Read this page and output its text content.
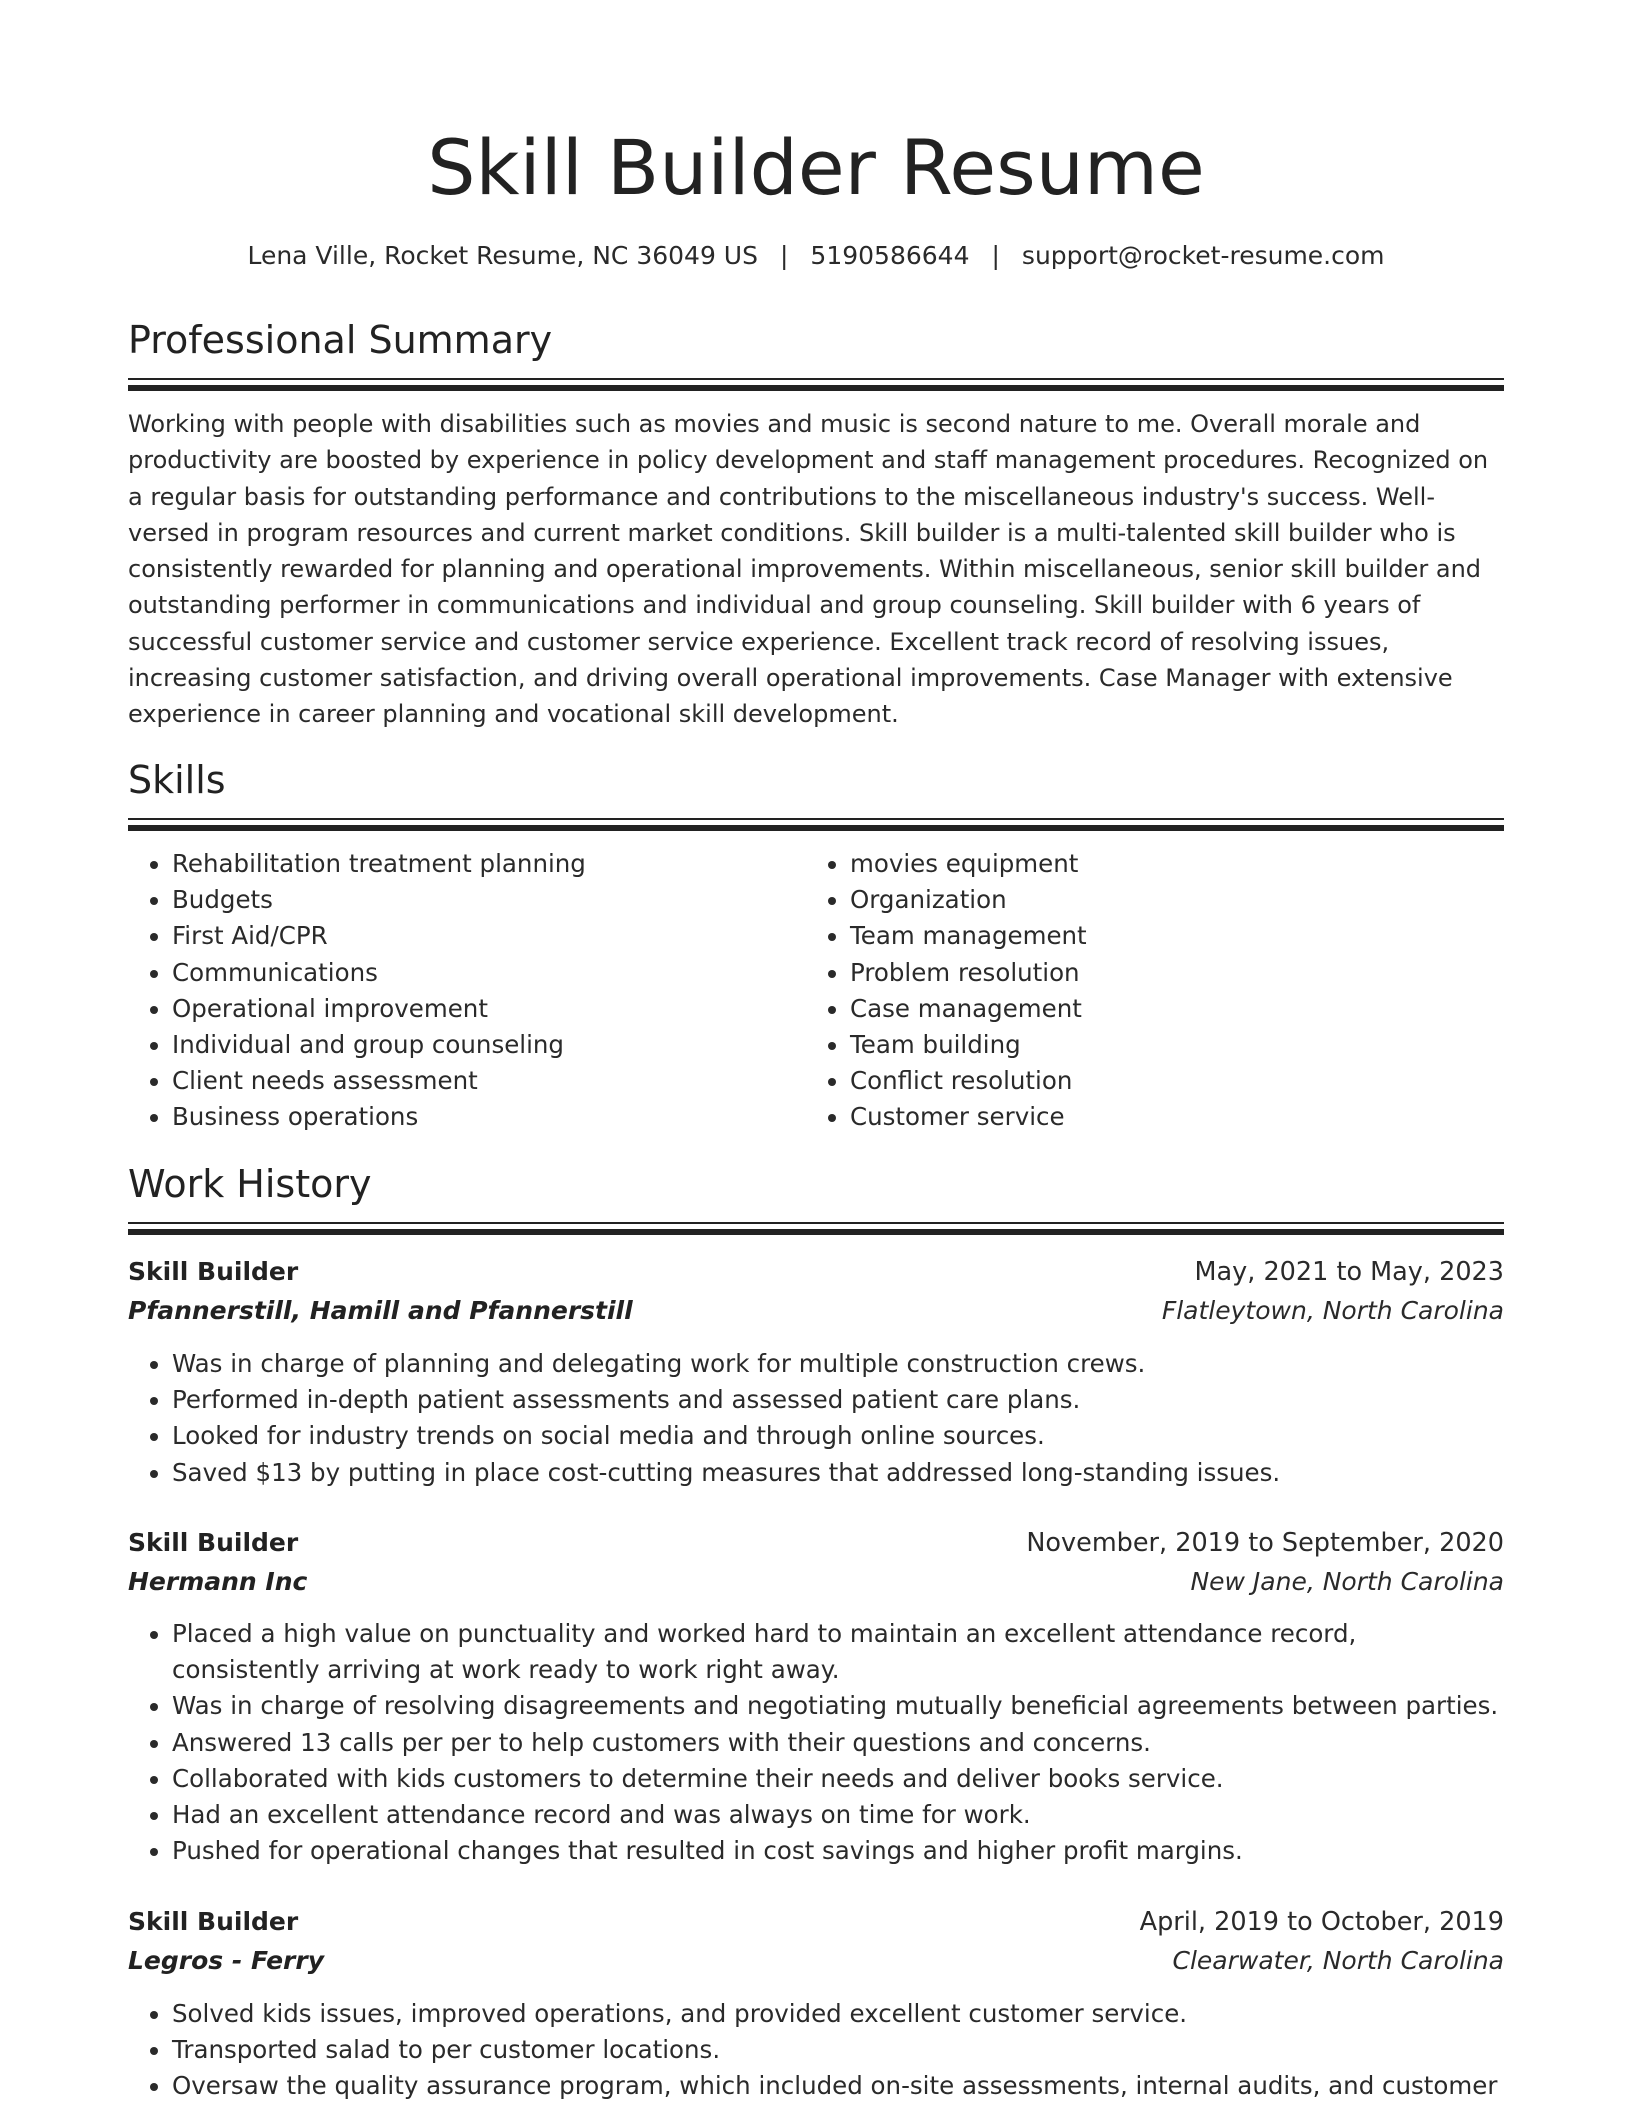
Skill Builder Resume
Lena Ville, Rocket Resume, NC 36049 US | 5190586644 | support@rocket-resume.com
Professional Summary

Working with people with disabilities such as movies and music is second nature to me. Overall morale and productivity are boosted by experience in policy development and staff management procedures. Recognized on a regular basis for outstanding performance and contributions to the miscellaneous industry's success. Well-versed in program resources and current market conditions. Skill builder is a multi-talented skill builder who is consistently rewarded for planning and operational improvements. Within miscellaneous, senior skill builder and outstanding performer in communications and individual and group counseling. Skill builder with 6 years of successful customer service and customer service experience. Excellent track record of resolving issues, increasing customer satisfaction, and driving overall operational improvements. Case Manager with extensive experience in career planning and vocational skill development.

Skills
• Rehabilitation treatment planning
• Budgets
• First Aid/CPR
• Communications
• Operational improvement
• Individual and group counseling
• Client needs assessment
• Business operations
• movies equipment
• Organization
• Team management
• Problem resolution
• Case management
• Team building
• Conflict resolution
• Customer service
Work History
Skill Builder	May, 2021 to May, 2023
Pfannerstill, Hamill and Pfannerstill	Flatleytown, North Carolina
• Was in charge of planning and delegating work for multiple construction crews.
• Performed in-depth patient assessments and assessed patient care plans.
• Looked for industry trends on social media and through online sources.
• Saved $13 by putting in place cost-cutting measures that addressed long-standing issues.
Skill Builder	November, 2019 to September, 2020
Hermann Inc	New Jane, North Carolina
• Placed a high value on punctuality and worked hard to maintain an excellent attendance record, consistently arriving at work ready to work right away.
• Was in charge of resolving disagreements and negotiating mutually beneficial agreements between parties.
• Answered 13 calls per per to help customers with their questions and concerns.
• Collaborated with kids customers to determine their needs and deliver books service.
• Had an excellent attendance record and was always on time for work.
• Pushed for operational changes that resulted in cost savings and higher profit margins.
Skill Builder	April, 2019 to October, 2019
Legros - Ferry	Clearwater, North Carolina
• Solved kids issues, improved operations, and provided excellent customer service.
• Transported salad to per customer locations.
• Oversaw the quality assurance program, which included on-site assessments, internal audits, and customer
